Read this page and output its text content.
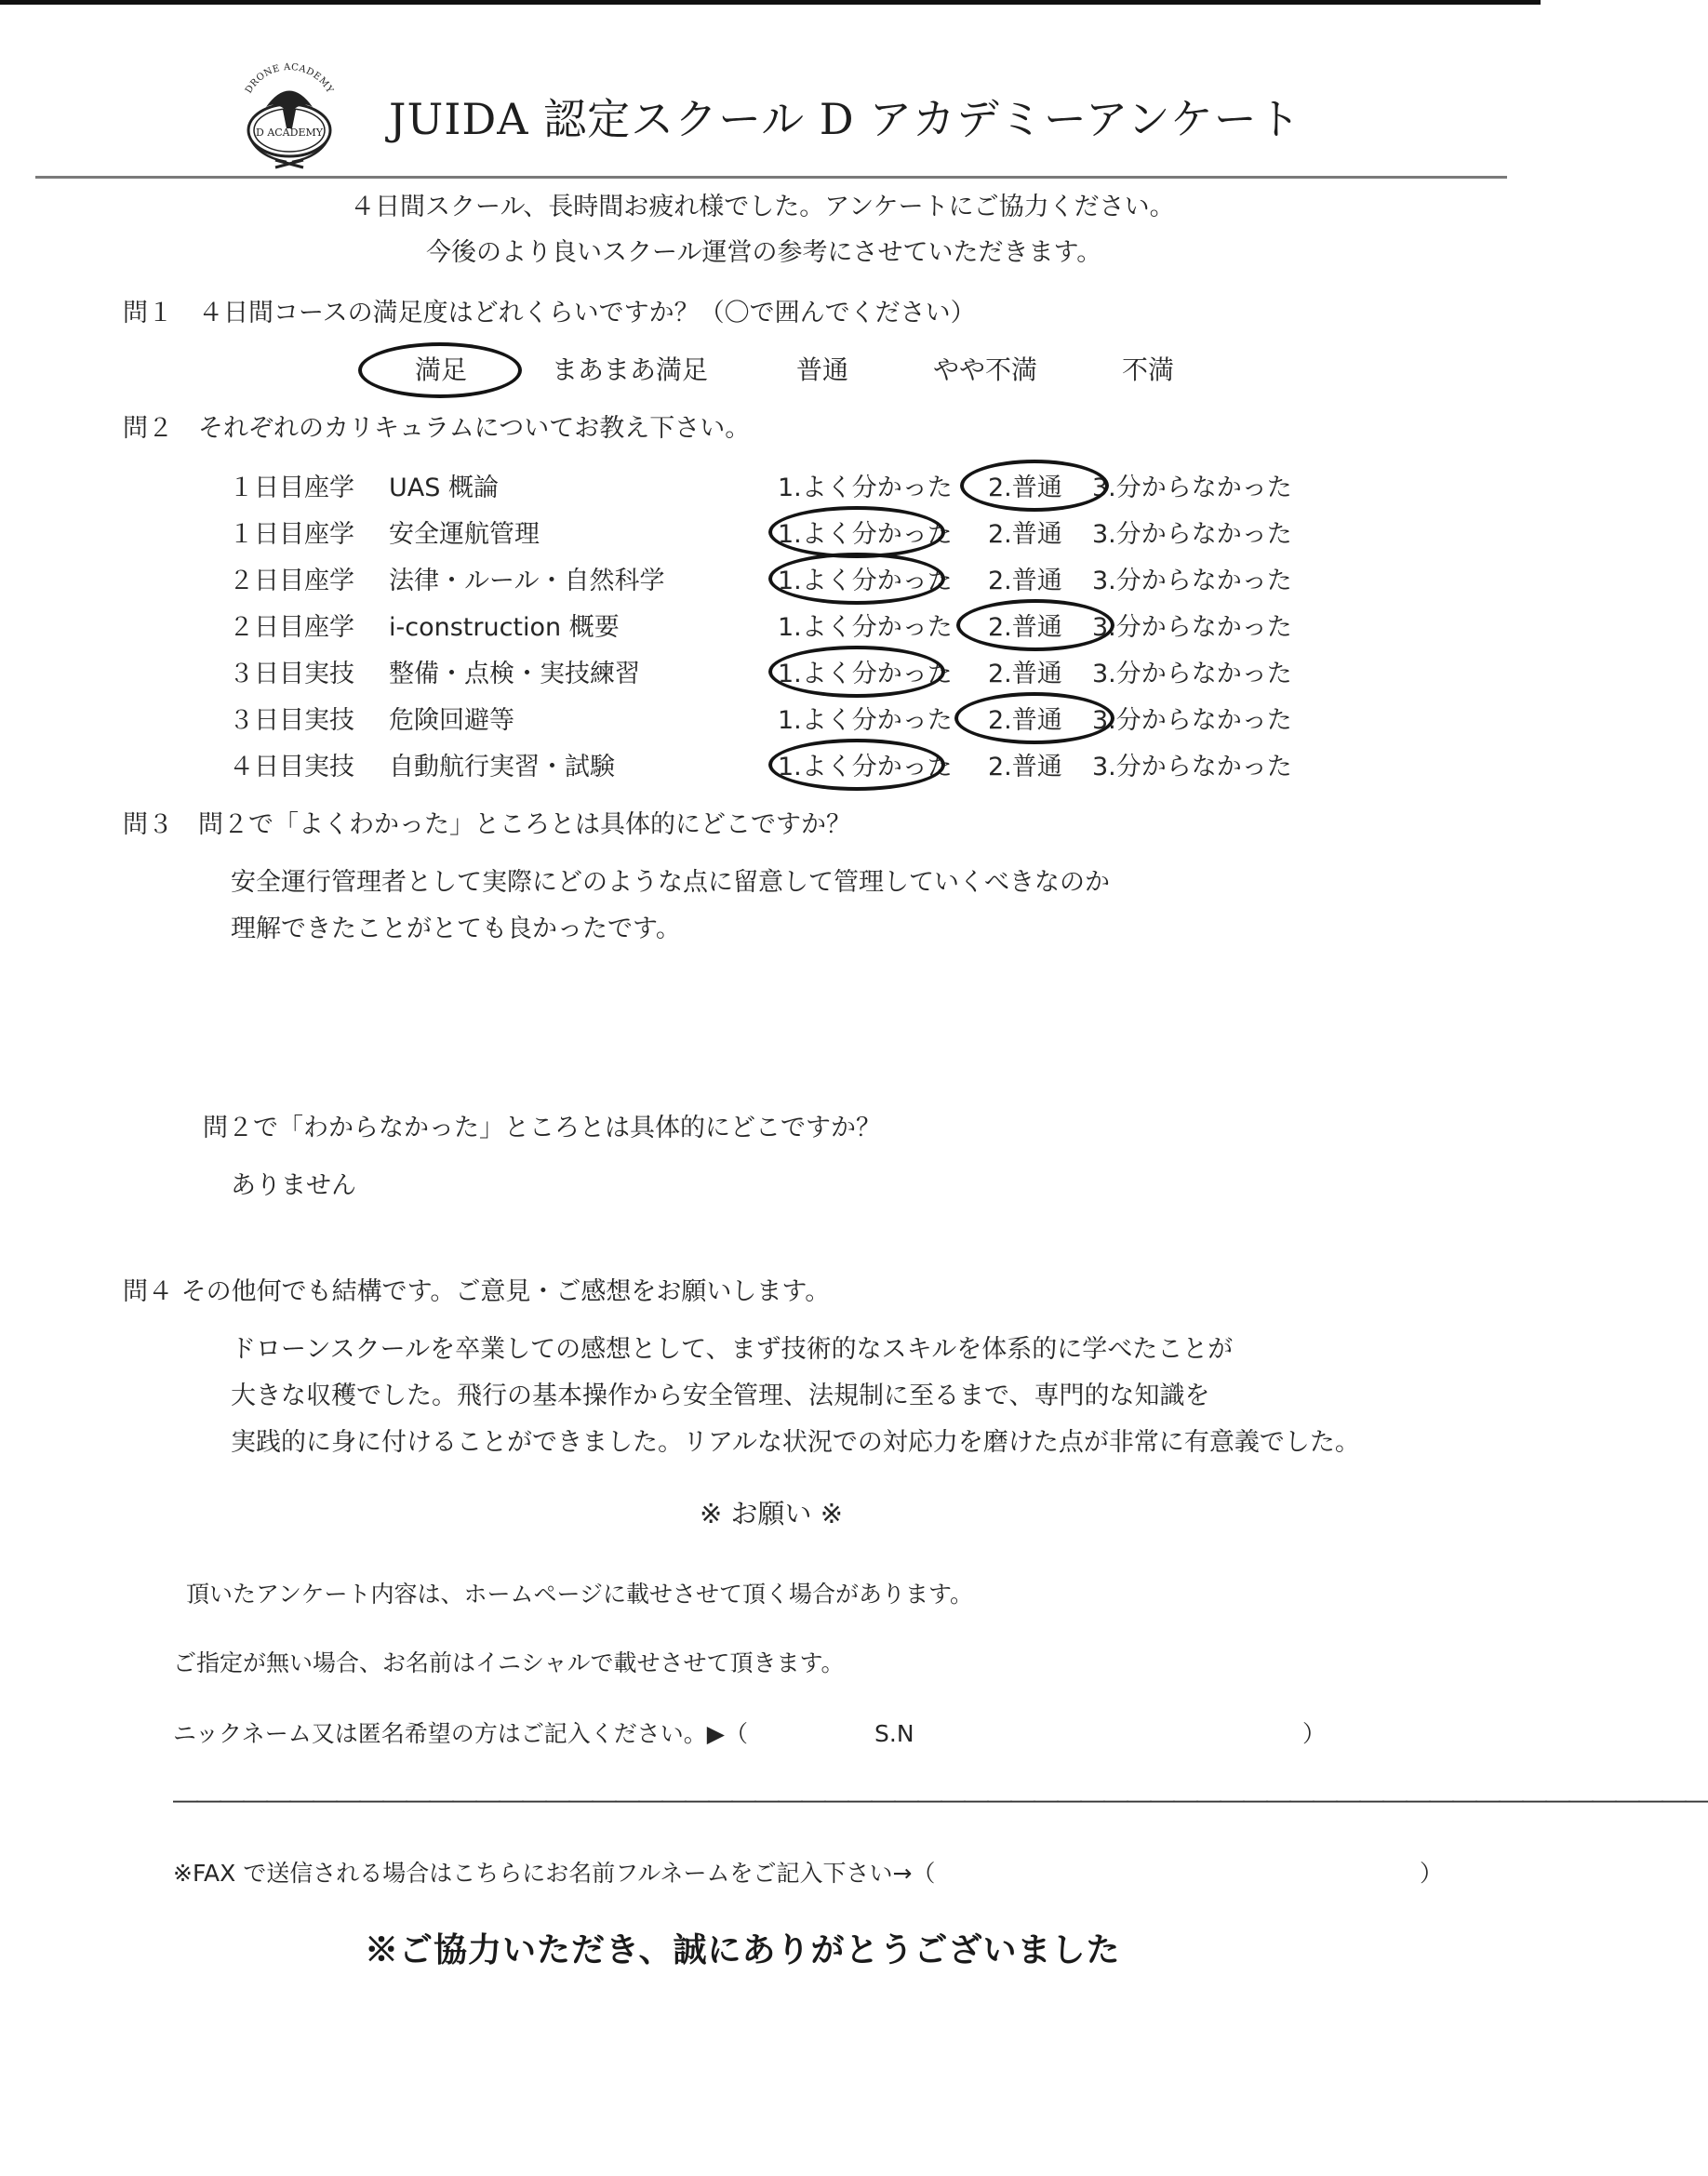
DRONE ACADEMY
D ACADEMY JUIDA 認定スクール D アカデミーアンケート
４日間スクール、長時間お疲れ様でした。アンケートにご協力ください。
今後のより良いスクール運営の参考にさせていただきます。
問１　４日間コースの満足度はどれくらいですか？（〇で囲んでください）
満足	まあまあ満足	普通	やや不満	不満
問２　それぞれのカリキュラムについてお教え下さい。
１日目座学 UAS 概論	1.よく分かった 2.普通 3.分からなかった
１日目座学 安全運航管理	1.よく分かった 2.普通 3.分からなかった
２日目座学 法律・ルール・自然科学	1.よく分かった 2.普通 3.分からなかった
２日目座学 i-construction 概要	1.よく分かった 2.普通 3.分からなかった
３日目実技 整備・点検・実技練習	1.よく分かった 2.普通 3.分からなかった
３日目実技 危険回避等	1.よく分かった 2.普通 3.分からなかった
４日目実技 自動航行実習・試験	1.よく分かった 2.普通 3.分からなかった
問３　問２で「よくわかった」ところとは具体的にどこですか？
安全運行管理者として実際にどのような点に留意して管理していくべきなのか
理解できたことがとても良かったです。
問２で「わからなかった」ところとは具体的にどこですか？
ありません
問４ その他何でも結構です。ご意見・ご感想をお願いします。
ドローンスクールを卒業しての感想として、まず技術的なスキルを体系的に学べたことが
大きな収穫でした。飛行の基本操作から安全管理、法規制に至るまで、専門的な知識を
実践的に身に付けることができました。リアルな状況での対応力を磨けた点が非常に有意義でした。
※ お願い ※
頂いたアンケート内容は、ホームページに載せさせて頂く場合があります。
ご指定が無い場合、お名前はイニシャルで載せさせて頂きます。
ニックネーム又は匿名希望の方はご記入ください。▶（	S.N	）
――――――――――――――――――――――――――――――――――――――――――――――――――――――――――――――――――
※FAX で送信される場合はこちらにお名前フルネームをご記入下さい→（	）
※ご協力いただき、誠にありがとうございました
